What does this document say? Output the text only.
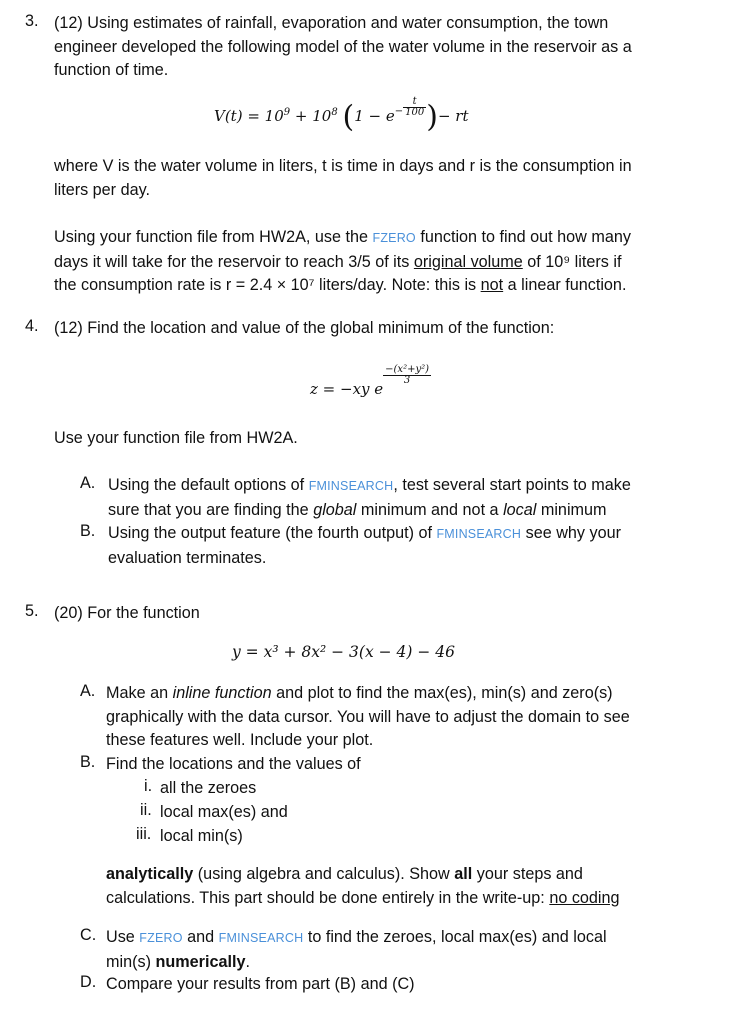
3. (12) Using estimates of rainfall, evaporation and water consumption, the town
engineer developed the following model of the water volume in the reservoir as a
function of time.
$V(t) = 10^9 + 10^8$ ($1 - e^- \frac{t}{100}$ )− rt
where V is the water volume in liters, t is time in days and r is the consumption in
liters per day.
Using your function file from HW2A, use the FZERO function to find out how many
days it will take for the reservoir to reach 3/5 of its original volume of 10⁹ liters if
the consumption rate is r = 2.4 × 10⁷ liters/day. Note: this is not a linear function.
4. (12) Find the location and value of the global minimum of the function:
z = −xy e
$\frac{\text{−(x²+y²)}}{3}$
Use your function file from HW2A.
A. Using the default options of FMINSEARCH, test several start points to make
sure that you are finding the global minimum and not a local minimum
B. Using the output feature (the fourth output) of FMINSEARCH see why your
evaluation terminates.
5. (20) For the function
y = x³ + 8x² − 3(x − 4) − 46
A. Make an inline function and plot to find the max(es), min(s) and zero(s)
graphically with the data cursor. You will have to adjust the domain to see
these features well. Include your plot.
B. Find the locations and the values of
i. all the zeroes
ii. local max(es) and
iii. local min(s)
analytically (using algebra and calculus). Show all your steps and
calculations. This part should be done entirely in the write-up: no coding
C. Use FZERO and FMINSEARCH to find the zeroes, local max(es) and local
min(s) numerically.
D. Compare your results from part (B) and (C)
